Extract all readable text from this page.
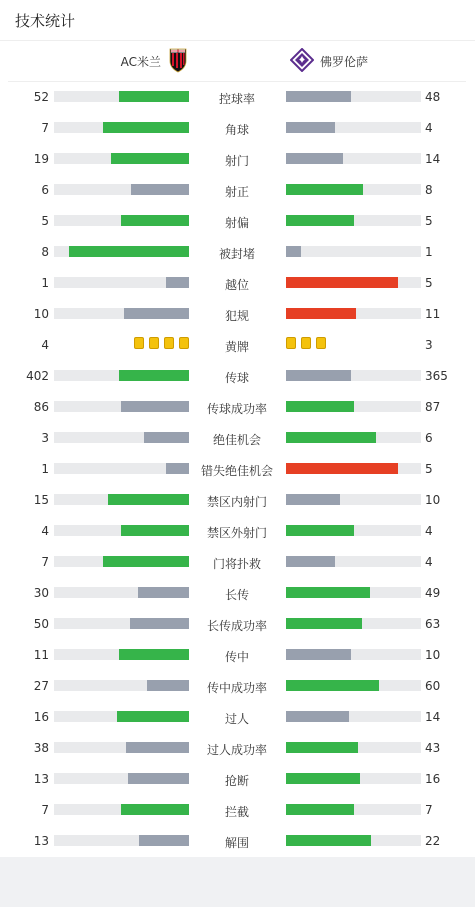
技术统计
AC米兰	佛罗伦萨
52	控球率	48
7	角球	4
19	射门	14
6	射正	8
5	射偏	5
8	被封堵	1
1	越位	5
10	犯规	11
4	黄牌	3
402	传球	365
86	传球成功率	87
3	绝佳机会	6
1	错失绝佳机会	5
15	禁区内射门	10
4	禁区外射门	4
7	门将扑救	4
30	长传	49
50	长传成功率	63
11	传中	10
27	传中成功率	60
16	过人	14
38	过人成功率	43
13	抢断	16
7	拦截	7
13	解围	22
